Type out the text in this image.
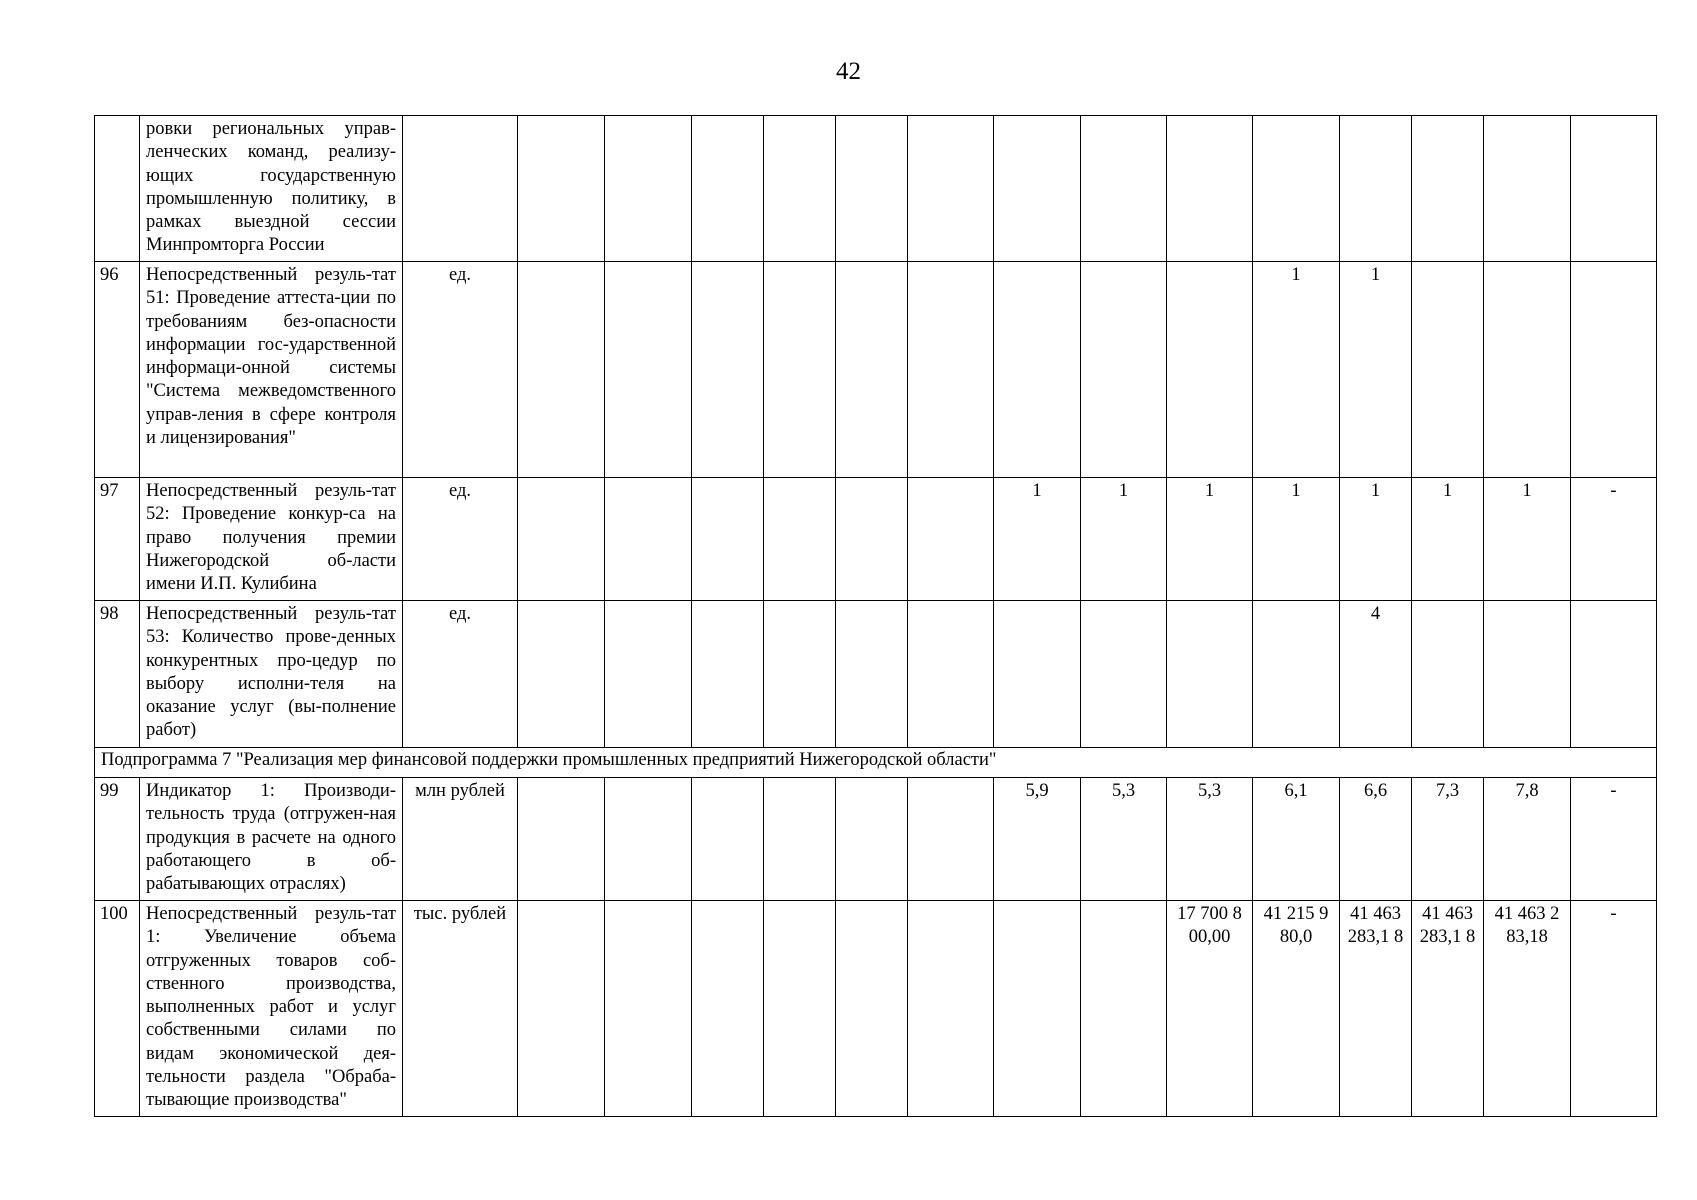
42

	ровки региональных управ-ленческих команд, реализу-ющих государственную промышленную политику, в рамках выездной сессии Минпромторга России															

96	Непосредственный резуль-тат 51: Проведение аттеста-ции по требованиям без-опасности информации гос-ударственной информаци-онной системы "Система межведомственного управ-ления в сфере контроля и лицензирования"	ед.										1	1			
97	Непосредственный резуль-тат 52: Проведение конкур-са на право получения премии Нижегородской об-ласти имени И.П. Кулибина	ед.							1	1	1	1	1	1	1	-
98	Непосредственный резуль-тат 53: Количество прове-денных конкурентных про-цедур по выбору исполни-теля на оказание услуг (вы-полнение работ)	ед.											4			
Подпрограмма 7 "Реализация мер финансовой поддержки промышленных предприятий Нижегородской области"																
99	Индикатор 1: Производи-тельность труда (отгружен-ная продукция в расчете на одного работающего в об-рабатывающих отраслях)	млн рублей							5,9	5,3	5,3	6,1	6,6	7,3	7,8	-
100	Непосредственный резуль-тат 1: Увеличение объема отгруженных товаров соб-ственного производства, выполненных работ и услуг собственными силами по видам экономической дея-тельности раздела "Обраба-тывающие производства"	тыс. рублей									17 700 8 00,00	41 215 9 80,0	41 463 283,1 8	41 463 283,1 8	41 463 2 83,18	-
